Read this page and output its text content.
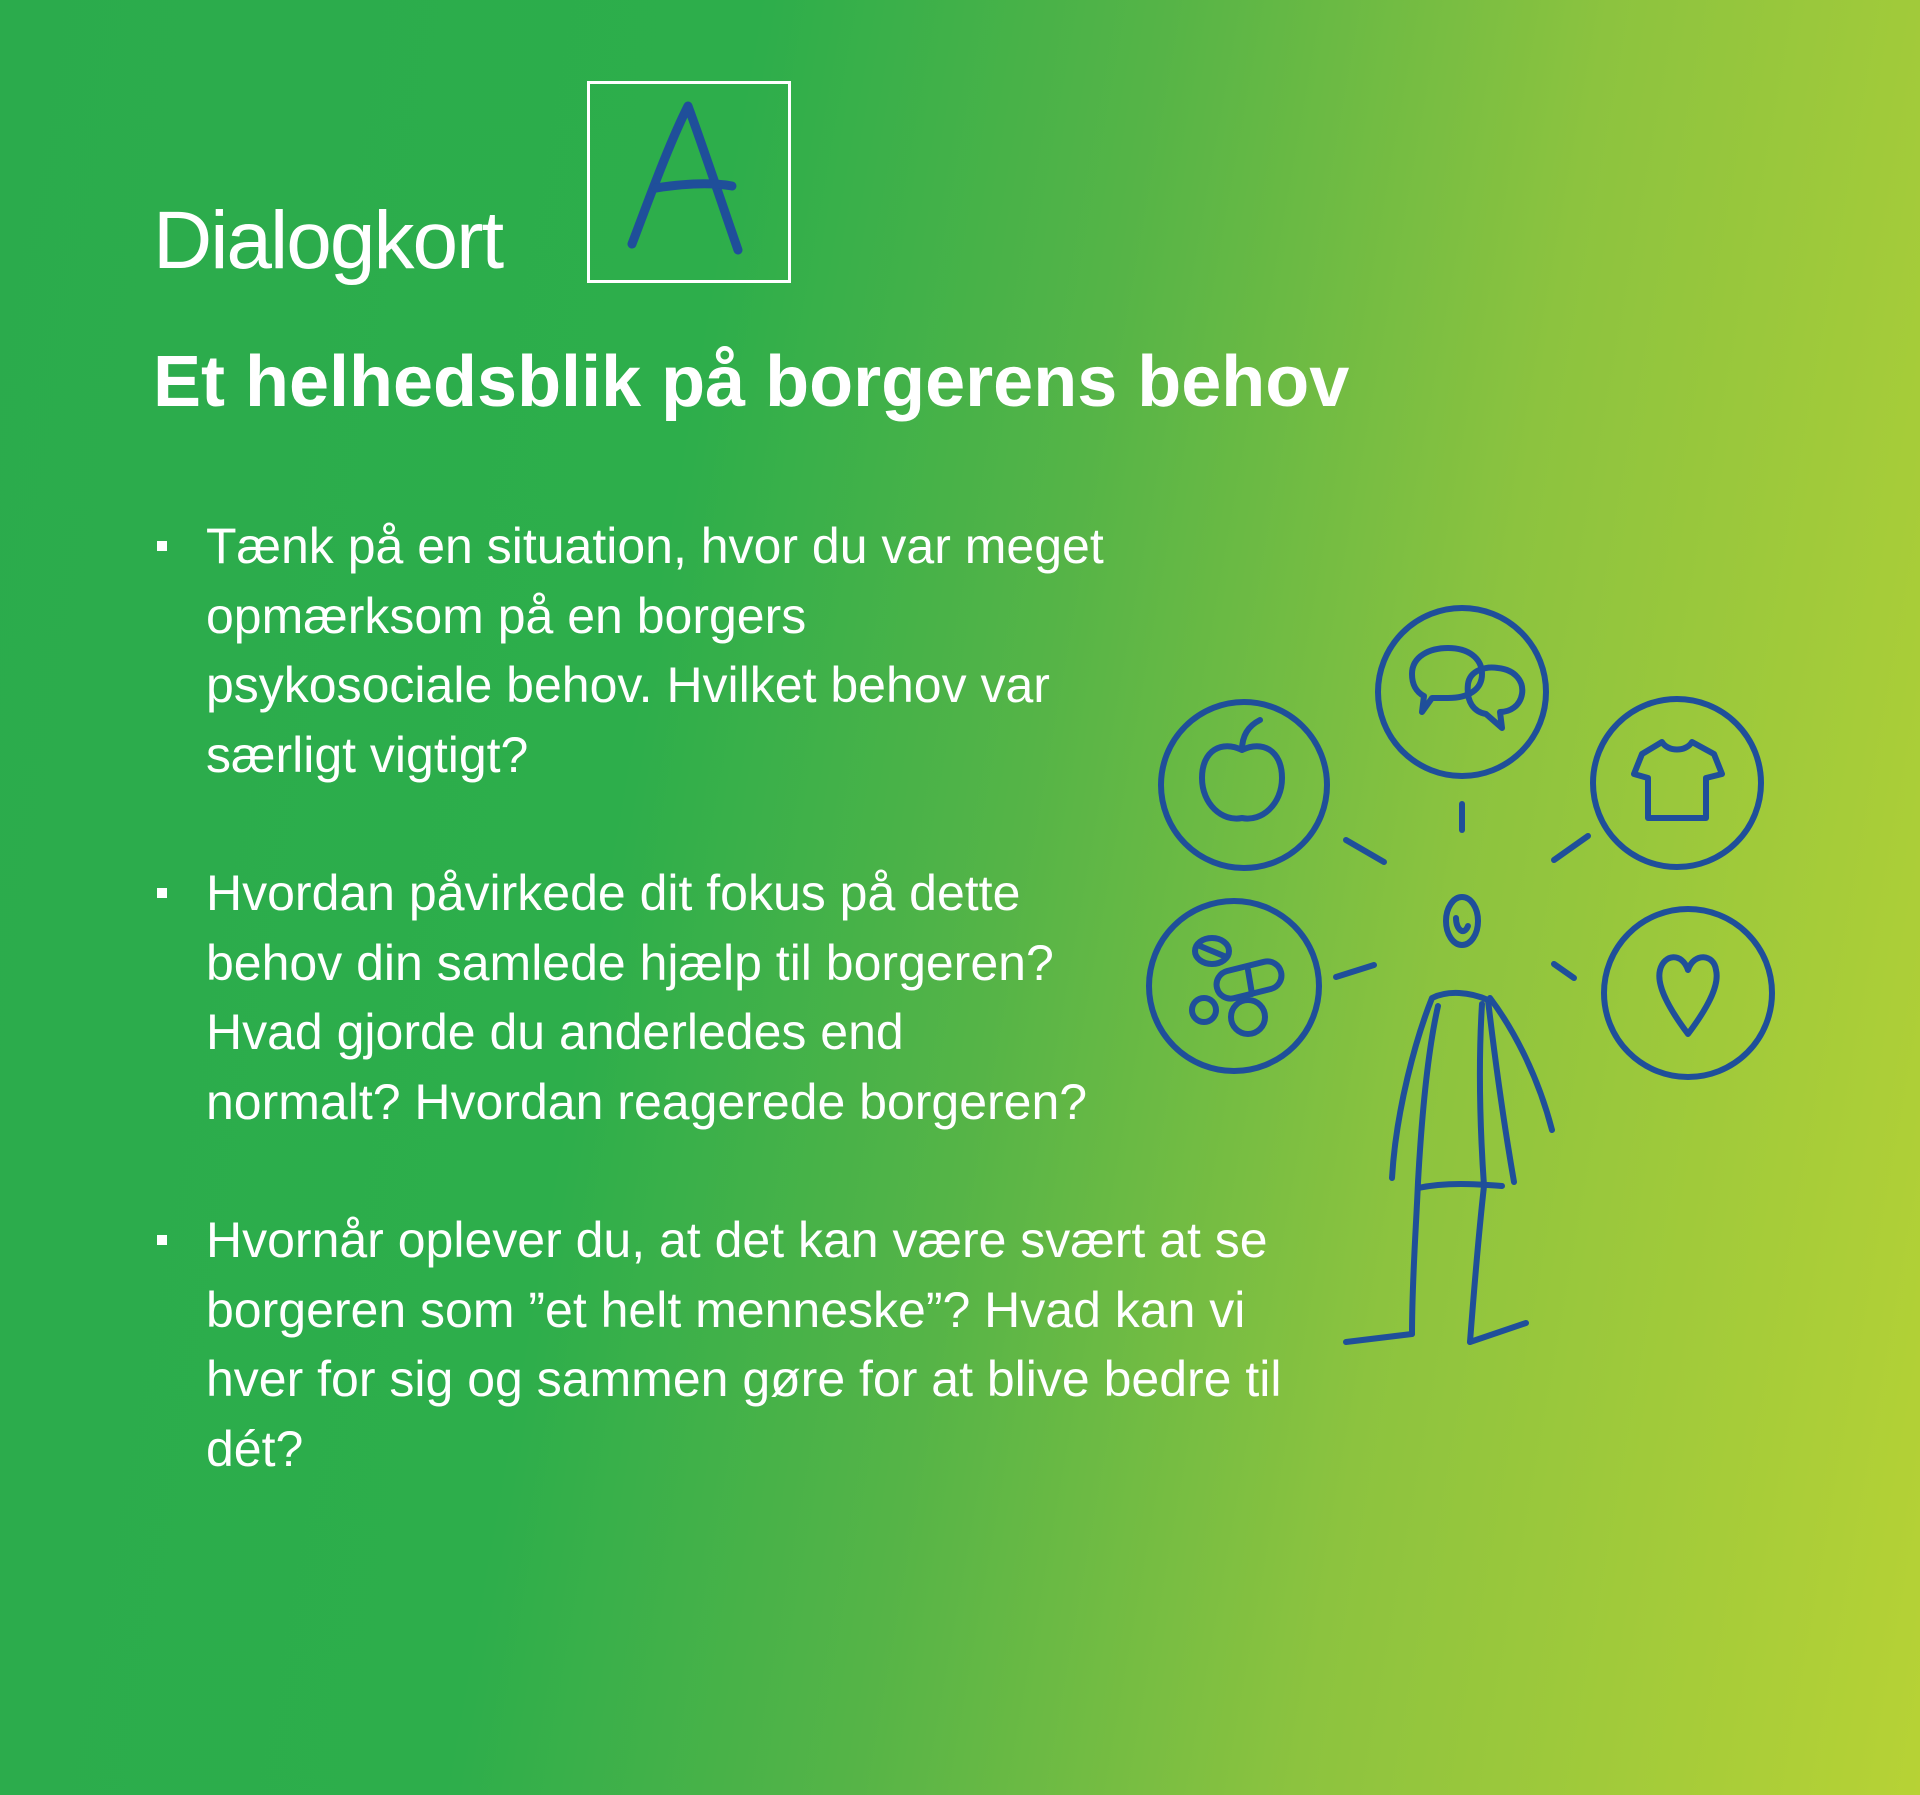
Dialogkort
Et helhedsblik på borgerens behov
Tænk på en situation, hvor du var meget opmærksom på en borgers psykosociale behov. Hvilket behov var særligt vigtigt?
Hvordan påvirkede dit fokus på dette behov din samlede hjælp til borgeren? Hvad gjorde du anderledes end normalt? Hvordan reagerede borgeren?
Hvornår oplever du, at det kan være svært at se borgeren som ”et helt menneske”? Hvad kan vi hver for sig og sammen gøre for at blive bedre til dét?
